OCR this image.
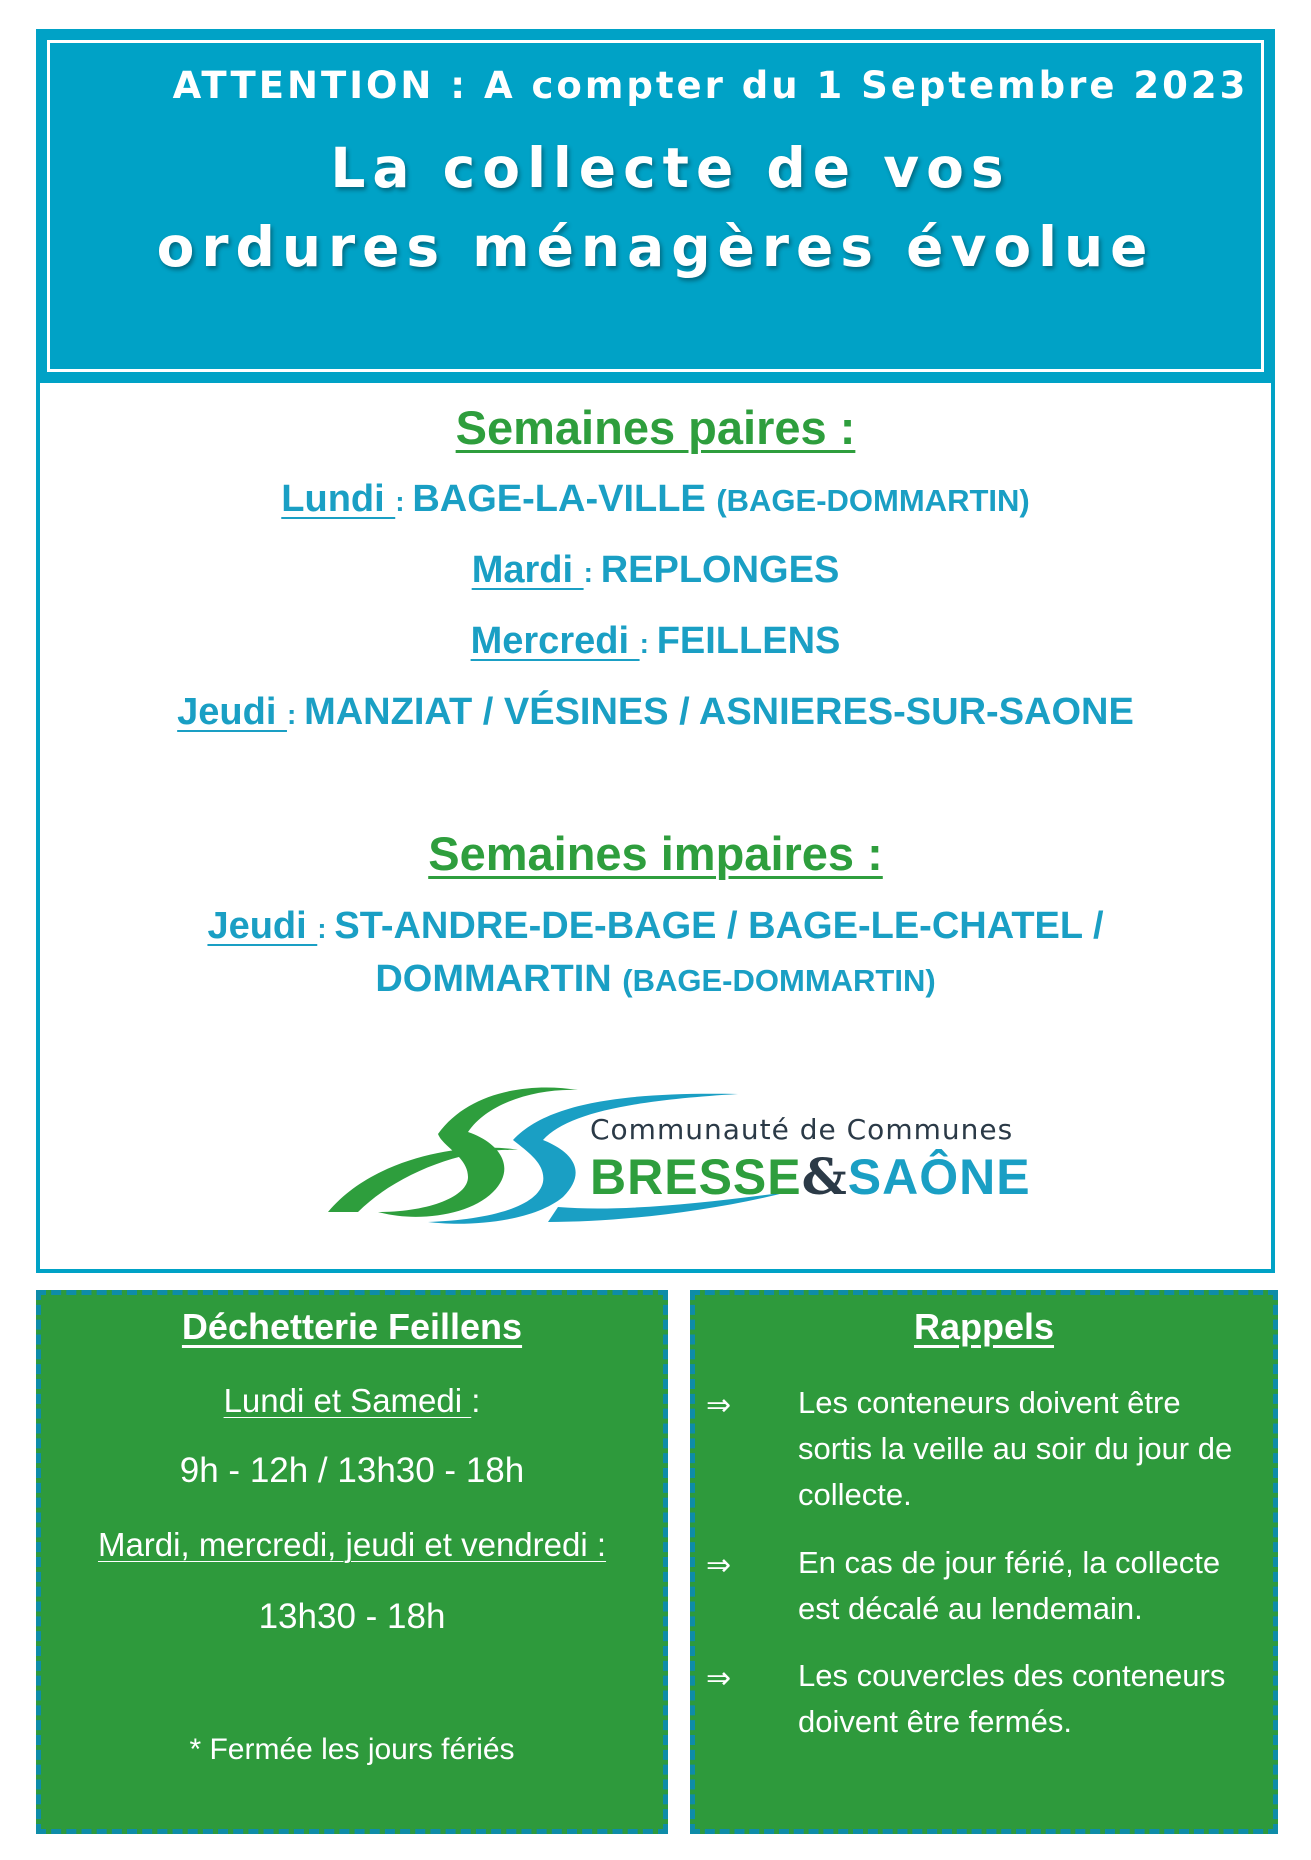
ATTENTION : A compter du 1 Septembre 2023
La collecte de vos
ordures ménagères évolue
Semaines paires :
Lundi : BAGE-LA-VILLE (BAGE-DOMMARTIN)
Mardi : REPLONGES
Mercredi : FEILLENS
Jeudi : MANZIAT / VÉSINES / ASNIERES-SUR-SAONE
Semaines impaires :
Jeudi : ST-ANDRE-DE-BAGE / BAGE-LE-CHATEL /
DOMMARTIN (BAGE-DOMMARTIN)
Communauté de Communes
BRESSE&SAÔNE
Déchetterie Feillens
Lundi et Samedi :
9h - 12h / 13h30 - 18h
Mardi, mercredi, jeudi et vendredi :
13h30 - 18h
* Fermée les jours fériés
Rappels
⇒ Les conteneurs doivent être sortis la veille au soir du jour de collecte.
⇒ En cas de jour férié, la collecte est décalé au lendemain.
⇒ Les couvercles des conteneurs doivent être fermés.
